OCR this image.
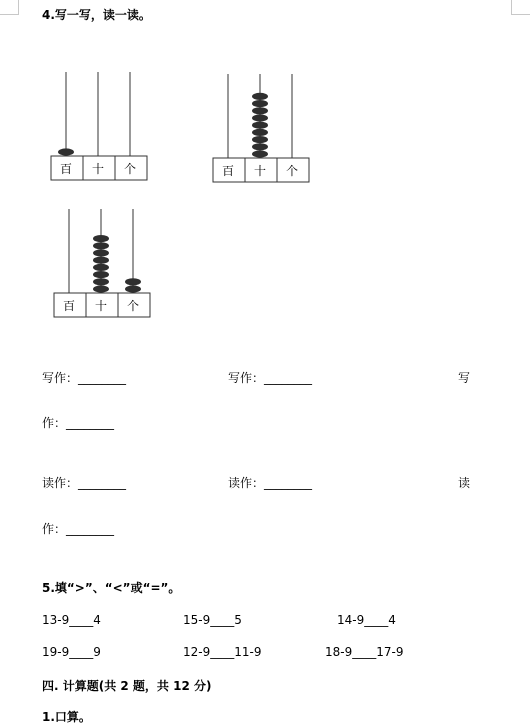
4.写一写，读一读。
百 十 个	百 十 个
百 十 个
写作：________	写作：________	写
作：________
读作：________	读作：________	读
作：________
5.填“>”、“<”或“=”。
13-9____4	15-9____5	14-9____4
19-9____9	12-9____11-9	18-9____17-9
四. 计算题(共 2 题，共 12 分)
1.口算。
